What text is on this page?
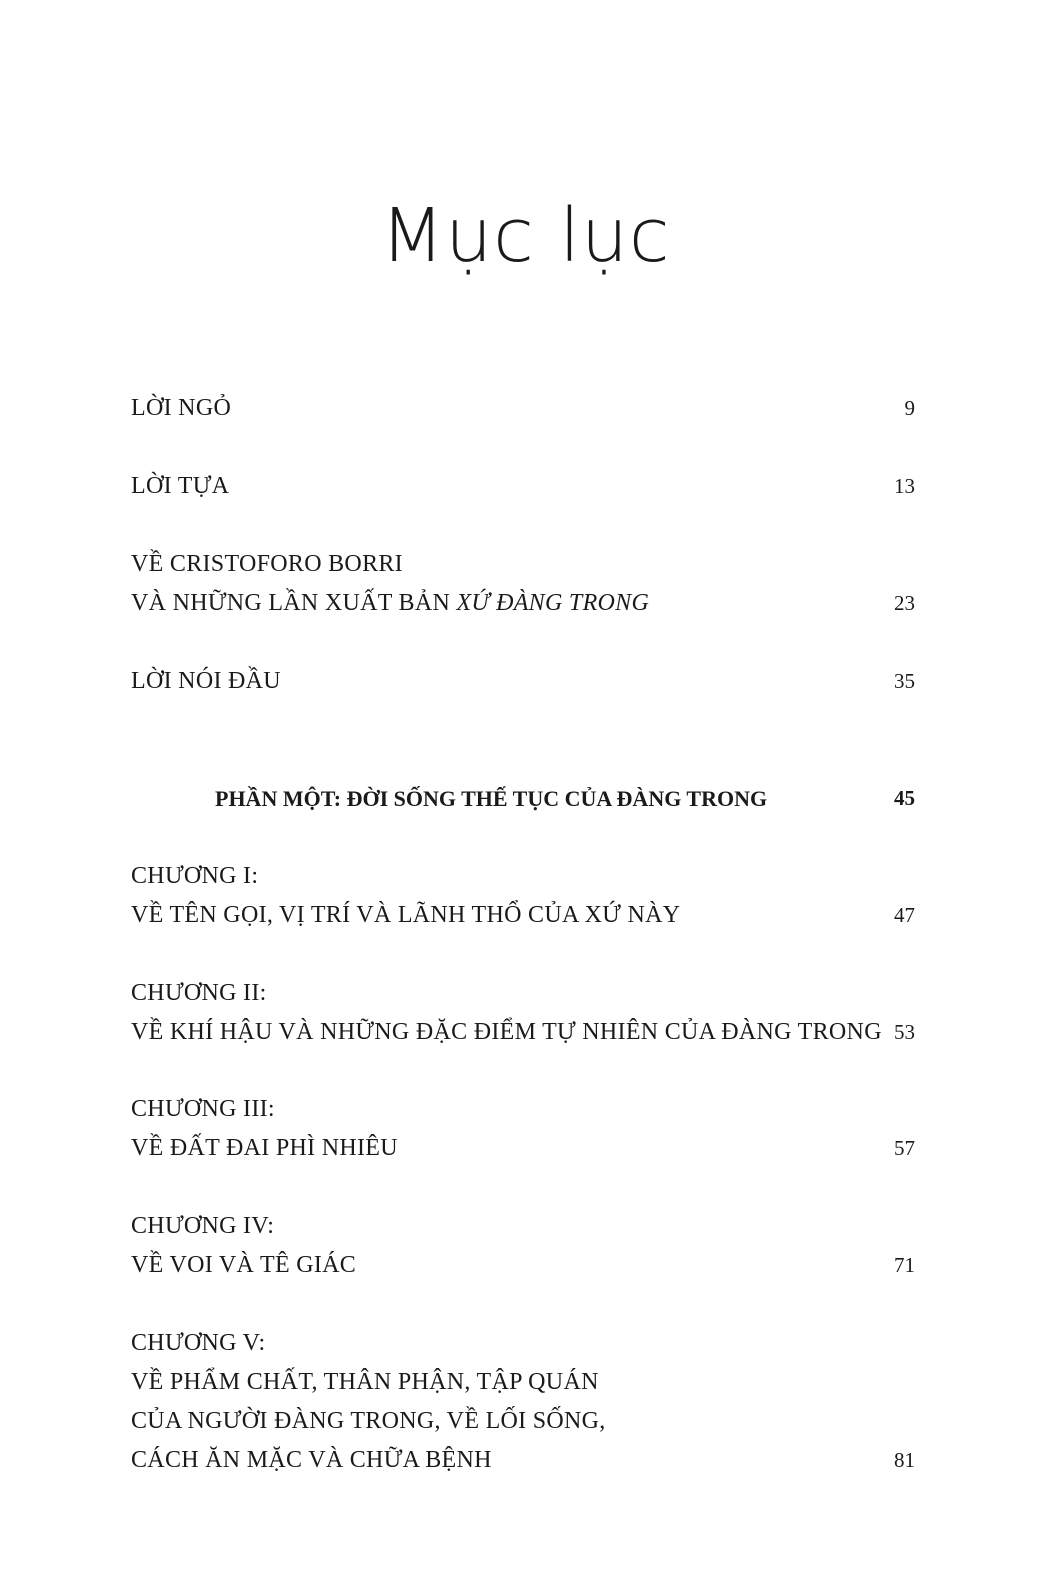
Mục lục
LỜI NGỎ	9
LỜI TỰA	13
VỀ CRISTOFORO BORRI
VÀ NHỮNG LẦN XUẤT BẢN XỨ ĐÀNG TRONG	23
LỜI NÓI ĐẦU	35
PHẦN MỘT: ĐỜI SỐNG THẾ TỤC CỦA ĐÀNG TRONG	45
CHƯƠNG I:
VỀ TÊN GỌI, VỊ TRÍ VÀ LÃNH THỔ CỦA XỨ NÀY	47
CHƯƠNG II:
VỀ KHÍ HẬU VÀ NHỮNG ĐẶC ĐIỂM TỰ NHIÊN CỦA ĐÀNG TRONG 53
CHƯƠNG III:
VỀ ĐẤT ĐAI PHÌ NHIÊU	57
CHƯƠNG IV:
VỀ VOI VÀ TÊ GIÁC	71
CHƯƠNG V:
VỀ PHẨM CHẤT, THÂN PHẬN, TẬP QUÁN
CỦA NGƯỜI ĐÀNG TRONG, VỀ LỐI SỐNG,
CÁCH ĂN MẶC VÀ CHỮA BỆNH	81
